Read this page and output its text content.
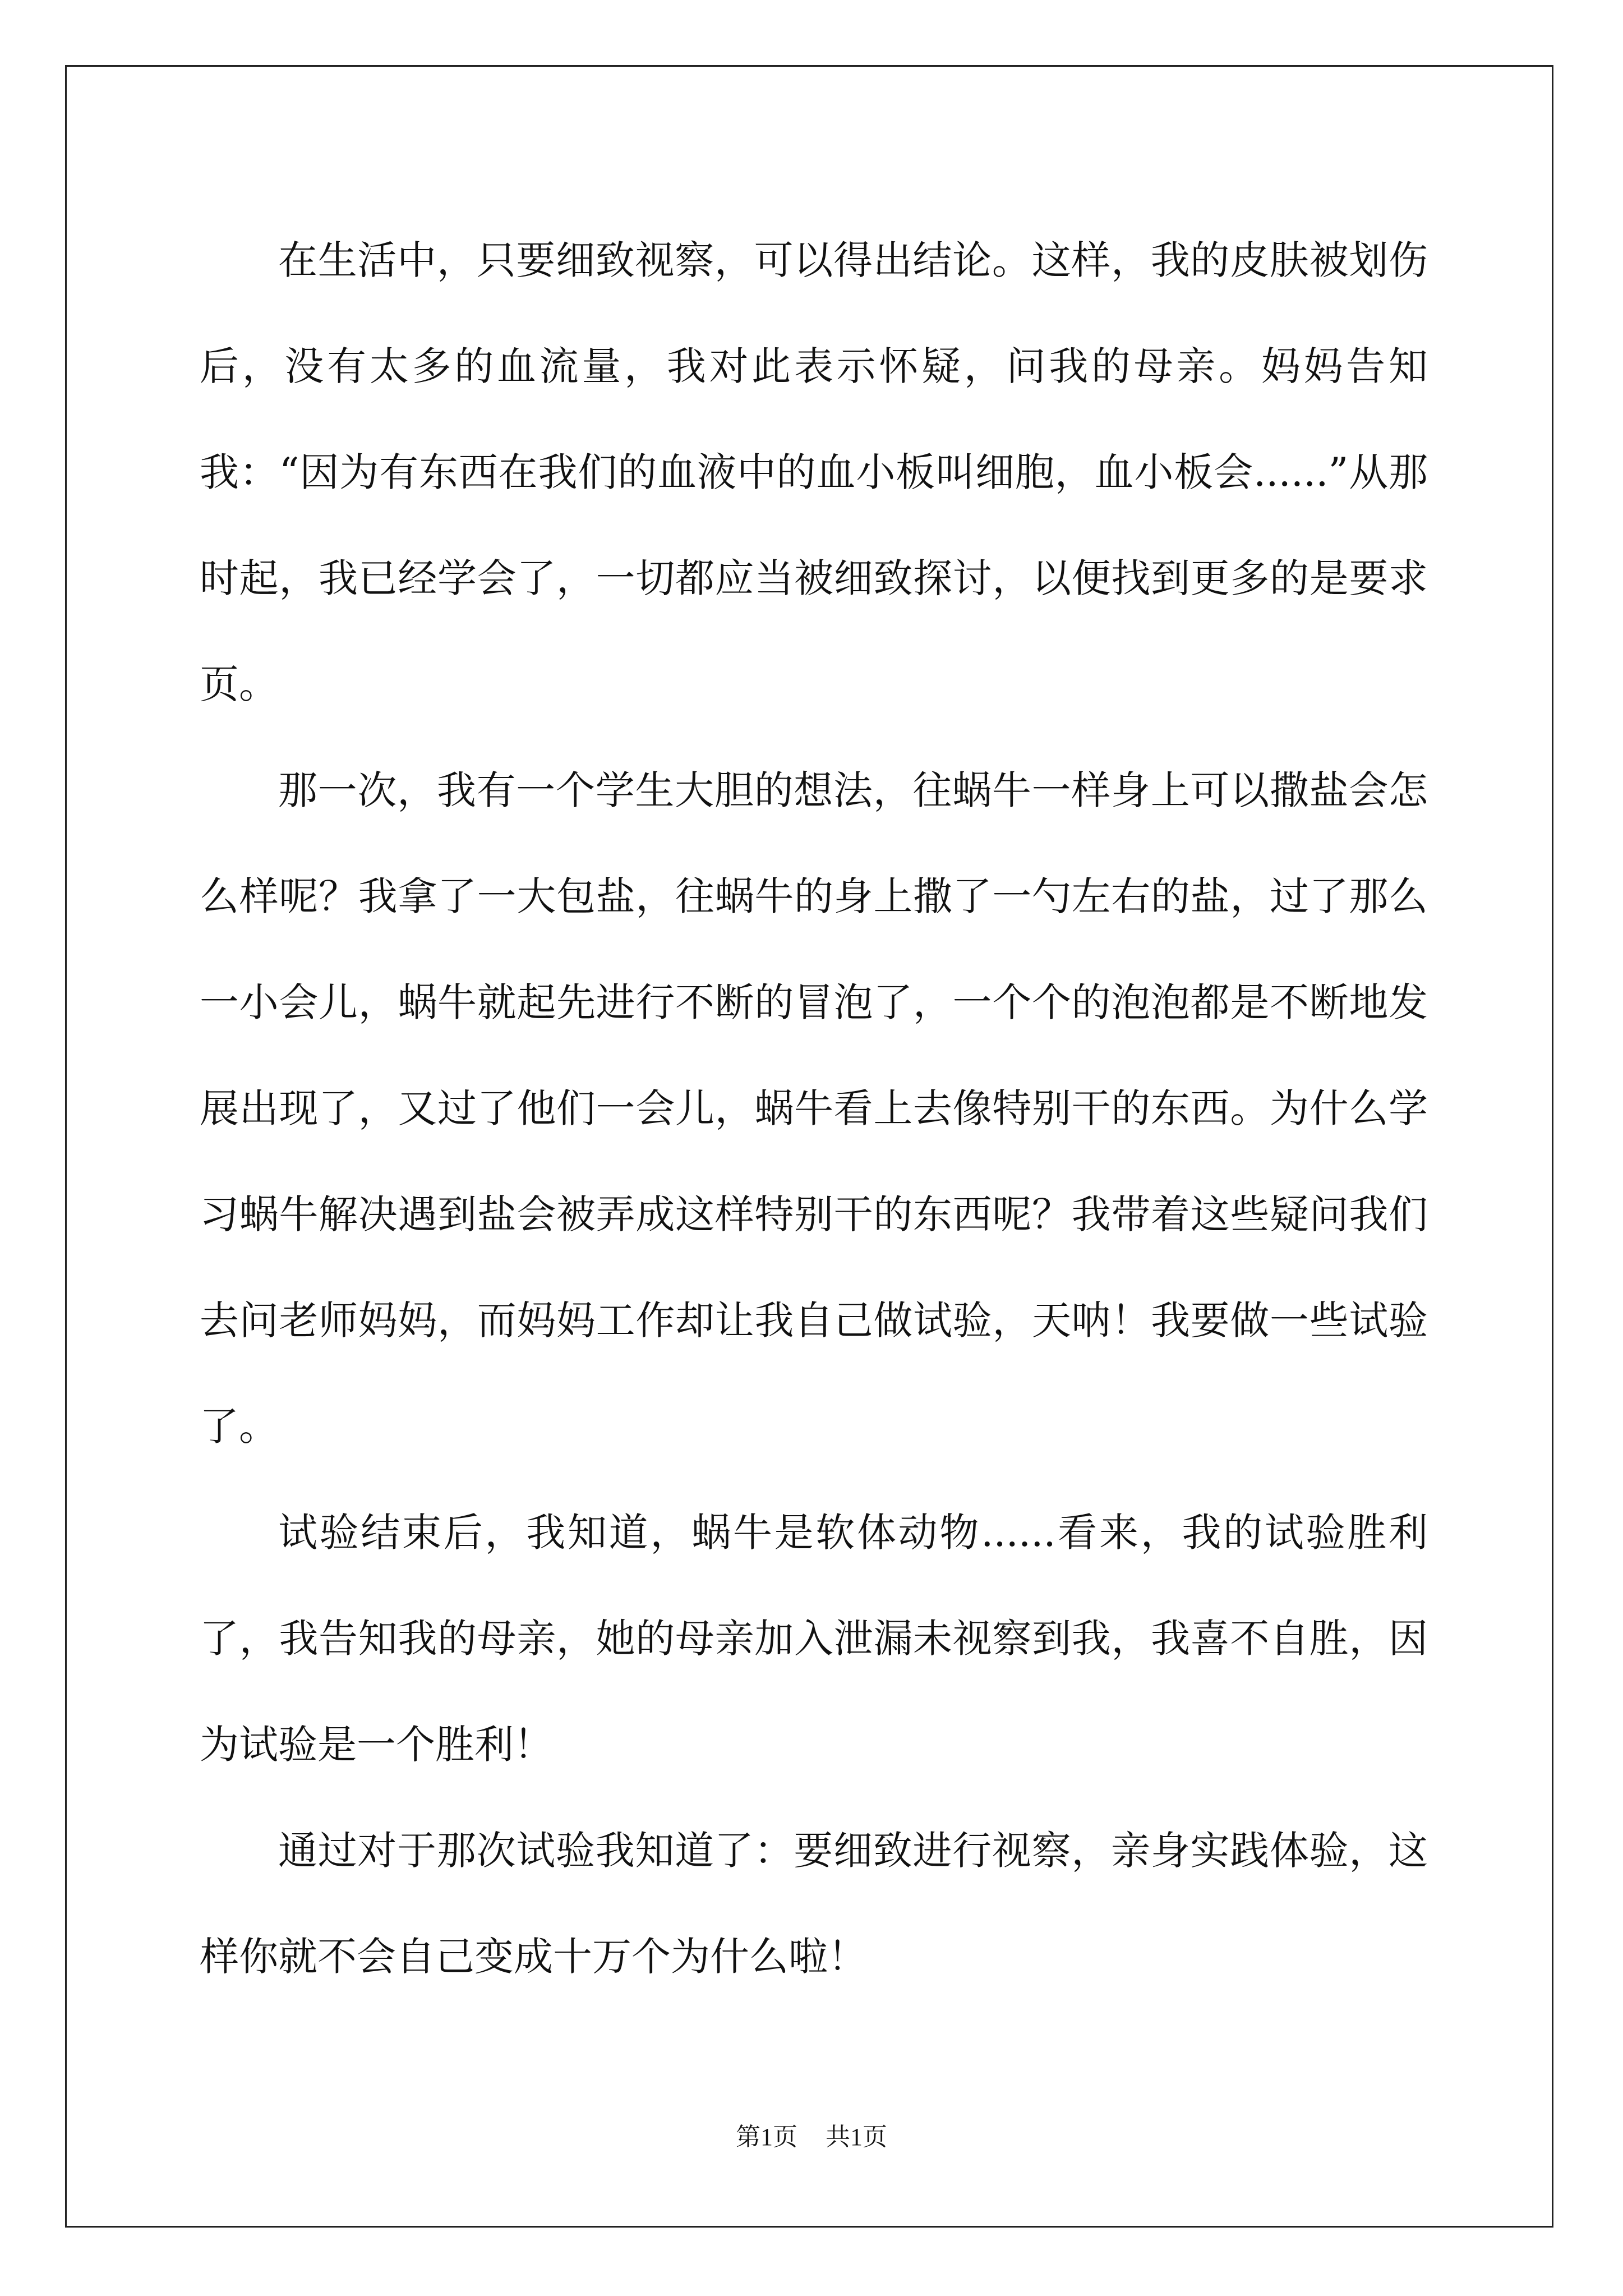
在生活中，只要细致视察，可以得出结论。这样，我的皮肤被划伤后，没有太多的血流量，我对此表示怀疑，问我的母亲。妈妈告知我：“因为有东西在我们的血液中的血小板叫细胞，血小板会......”从那时起，我已经学会了，一切都应当被细致探讨，以便找到更多的是要求页。

那一次，我有一个学生大胆的想法，往蜗牛一样身上可以撒盐会怎么样呢？我拿了一大包盐，往蜗牛的身上撒了一勺左右的盐，过了那么一小会儿，蜗牛就起先进行不断的冒泡了，一个个的泡泡都是不断地发展出现了，又过了他们一会儿，蜗牛看上去像特别干的东西。为什么学习蜗牛解决遇到盐会被弄成这样特别干的东西呢？我带着这些疑问我们去问老师妈妈，而妈妈工作却让我自己做试验，天呐！我要做一些试验了。

试验结束后，我知道，蜗牛是软体动物......看来，我的试验胜利了，我告知我的母亲，她的母亲加入泄漏未视察到我，我喜不自胜，因为试验是一个胜利！

通过对于那次试验我知道了：要细致进行视察，亲身实践体验，这样你就不会自己变成十万个为什么啦！

第1页 共1页
